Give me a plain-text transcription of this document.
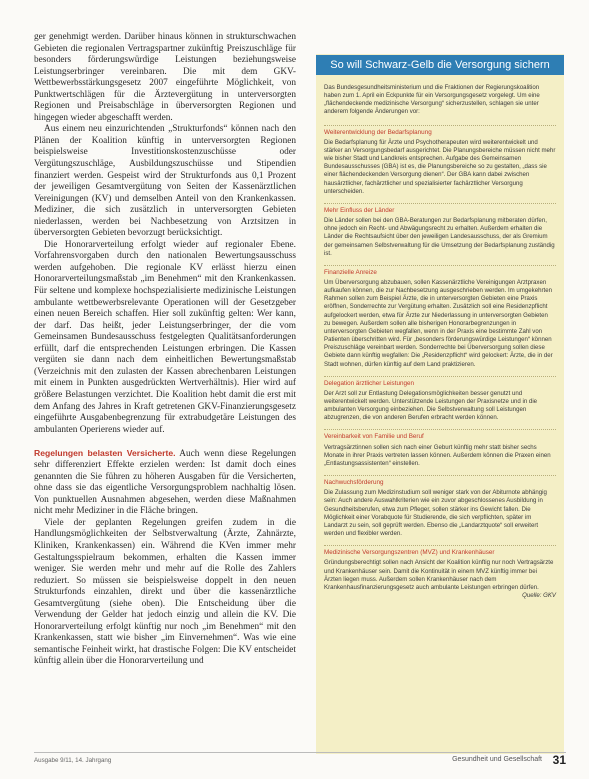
ger genehmigt werden. Darüber hinaus können in strukturschwachen Gebieten die regionalen Vertragspartner zukünftig Preiszuschläge für besonders förderungswürdige Leistungen beziehungsweise Leistungserbringer vereinbaren. Die mit dem GKV-Wettbewerbsstärkungsgesetz 2007 eingeführte Möglichkeit, von Punktwertschlägen für die Ärztevergütung in unterversorgten Regionen und Preisabschläge in überversorgten Regionen und hingegen wieder abgeschafft werden.

Aus einem neu einzurichtenden „Strukturfonds“ können nach den Plänen der Koalition künftig in unterversorgten Regionen beispielsweise Investitionskostenzuschüsse oder Vergütungszuschläge, Ausbildungszuschüsse und Stipendien finanziert werden. Gespeist wird der Strukturfonds aus 0,1 Prozent der jeweiligen Gesamtvergütung von Seiten der Kassenärztlichen Vereinigungen (KV) und demselben Anteil von den Krankenkassen. Mediziner, die sich zusätzlich in unterversorgten Gebieten niederlassen, werden bei Nachbesetzung von Arztsitzen in überversorgten Gebieten bevorzugt berücksichtigt.

Die Honorarverteilung erfolgt wieder auf regionaler Ebene. Vorfahrensvorgaben durch den nationalen Bewertungsausschuss werden aufgehoben. Die regionale KV erlässt hierzu einen Honorarverteilungsmaßstab „im Benehmen“ mit den Krankenkassen. Für seltene und komplexe hochspezialisierte medizinische Leistungen ambulante wettbewerbsrelevante Operationen will der Gesetzgeber einen neuen Bereich schaffen. Hier soll zukünftig gelten: Wer kann, der darf. Das heißt, jeder Leistungserbringer, der die vom Gemeinsamen Bundesausschuss festgelegten Qualitätsanforderungen erfüllt, darf die entsprechenden Leistungen erbringen. Die Kassen vergüten sie dann nach dem einheitlichen Bewertungsmaßstab (Verzeichnis mit den zulasten der Kassen abrechenbaren Leistungen mit einem in Punkten ausgedrückten Wertverhältnis). Hier wird auf größere Belastungen verzichtet. Die Koalition hebt damit die erst mit dem Anfang des Jahres in Kraft getretenen GKV-Finanzierungsgesetz eingeführte Ausgabenbegrenzung für extrabudgetäre Leistungen des ambulanten Operierens wieder auf.

Regelungen belasten Versicherte. Auch wenn diese Regelungen sehr differenziert Effekte erzielen werden: Ist damit doch eines genannten die Sie führen zu höheren Ausgaben für die Versicherten, ohne dass sie das eigentliche Versorgungsproblem nachhaltig lösen. Von punktuellen Ausnahmen abgesehen, werden diese Maßnahmen nicht mehr Mediziner in die Fläche bringen.

Viele der geplanten Regelungen greifen zudem in die Handlungsmöglichkeiten der Selbstverwaltung (Ärzte, Zahnärzte, Kliniken, Krankenkassen) ein. Während die KVen immer mehr Gestaltungsspielraum bekommen, erhalten die Kassen immer weniger. Sie werden mehr und mehr auf die Rolle des Zahlers reduziert. So müssen sie beispielsweise doppelt in den neuen Strukturfonds einzahlen, direkt und über die kassenärztliche Gesamtvergütung (siehe oben). Die Entscheidung über die Verwendung der Gelder hat jedoch einzig und allein die KV. Die Honorarverteilung erfolgt künftig nur noch „im Benehmen“ mit den Krankenkassen, statt wie bisher „im Einvernehmen“. Was wie eine semantische Feinheit wirkt, hat drastische Folgen: Die KV entscheidet künftig allein über die Honorarverteilung und

Das Bundesgesundheitsministerium und die Fraktionen der Regierungskoalition haben zum 1. April ein Eckpunkte für ein Versorgungsgesetz vorgelegt. Um eine „flächendeckende medizinische Versorgung“ sicherzustellen, schlagen sie unter anderem folgende Änderungen vor:

Weiterentwicklung der Bedarfsplanung

Die Bedarfsplanung für Ärzte und Psychotherapeuten wird weiterentwickelt und stärker an Versorgungsbedarf ausgerichtet. Die Planungsbereiche müssen nicht mehr wie bisher Stadt und Landkreis entsprechen. Aufgabe des Gemeinsamen Bundesausschusses (GBA) ist es, die Planungsbereiche so zu gestalten, „dass sie einer flächendeckenden Versorgung dienen“. Der GBA kann dabei zwischen hausärztlicher, fachärztlicher und spezialisierter fachärztlicher Versorgung unterscheiden.

Mehr Einfluss der Länder

Die Länder sollen bei den GBA-Beratungen zur Bedarfsplanung mitberaten dürfen, ohne jedoch ein Recht- und Abwägungsrecht zu erhalten. Außerdem erhalten die Länder die Rechtsaufsicht über den jeweiligen Landesausschuss, der als Gremium der gemeinsamen Selbstverwaltung für die Umsetzung der Bedarfsplanung zuständig ist.

Finanzielle Anreize

Um Überversorgung abzubauen, sollen Kassenärztliche Vereinigungen Arztpraxen aufkaufen können, die zur Nachbesetzung ausgeschrieben werden. Im umgekehrten Rahmen sollen zum Beispiel Ärzte, die in unterversorgten Gebieten eine Praxis eröffnen, Sonderrechte zur Vergütung erhalten. Zusätzlich soll eine Residenzpflicht aufgelockert werden, etwa für Ärzte zur Niederlassung in unterversorgten Gebieten zu bewegen. Außerdem sollen alle bisherigen Honorarbegrenzungen in unterversorgten Gebieten wegfallen, wenn in der Praxis eine bestimmte Zahl von Patienten überschritten wird. Für „besonders förderungswürdige Leistungen“ können Preiszuschläge vereinbart werden. Sonderrechte bei Überversorgung sollen diese Gebiete dann künftig wegfallen: Die „Residenzpflicht“ wird gelockert: Ärzte, die in der Stadt wohnen, dürfen künftig auf dem Land praktizieren.

Delegation ärztlicher Leistungen

Der Arzt soll zur Entlastung Delegationsmöglichkeiten besser genutzt und weiterentwickelt werden. Unterstützende Leistungen der Praxisnetze und in die ambulanten Versorgung einbeziehen. Die Selbstverwaltung soll Leistungen abzugrenzen, die von anderen Berufen erbracht werden können.

Vereinbarkeit von Familie und Beruf

Vertragsärztinnen sollen sich nach einer Geburt künftig mehr statt bisher sechs Monate in ihrer Praxis vertreten lassen können. Außerdem können die Praxen einen „Entlastungsassistenten“ einstellen.

Nachwuchsförderung

Die Zulassung zum Medizinstudium soll weniger stark von der Abiturnote abhängig sein: Auch andere Auswahlkriterien wie ein zuvor abgeschlossenes Ausbildung in Gesundheitsberufen, etwa zum Pfleger, sollen stärker ins Gewicht fallen. Die Möglichkeit einer Vorabquote für Studierende, die sich verpflichten, später im Landarzt zu sein, soll geprüft werden. Ebenso die „Landarztquote“ soll erweitert werden und flexibler werden.

Medizinische Versorgungszentren (MVZ) und Krankenhäuser

Gründungsberechtigt sollen nach Ansicht der Koalition künftig nur noch Vertragsärzte und Krankenhäuser sein. Damit die Kontinuität in einem MVZ künftig immer bei Ärzten liegen muss. Außerdem sollen Krankenhäuser nach dem Krankenhausfinanzierungsgesetz auch ambulante Leistungen erbringen dürfen.

Quelle: GKV

So will Schwarz-Gelb die Versorgung sichern
Ausgabe 9/11, 14. Jahrgang	Gesundheit und Gesellschaft 31
